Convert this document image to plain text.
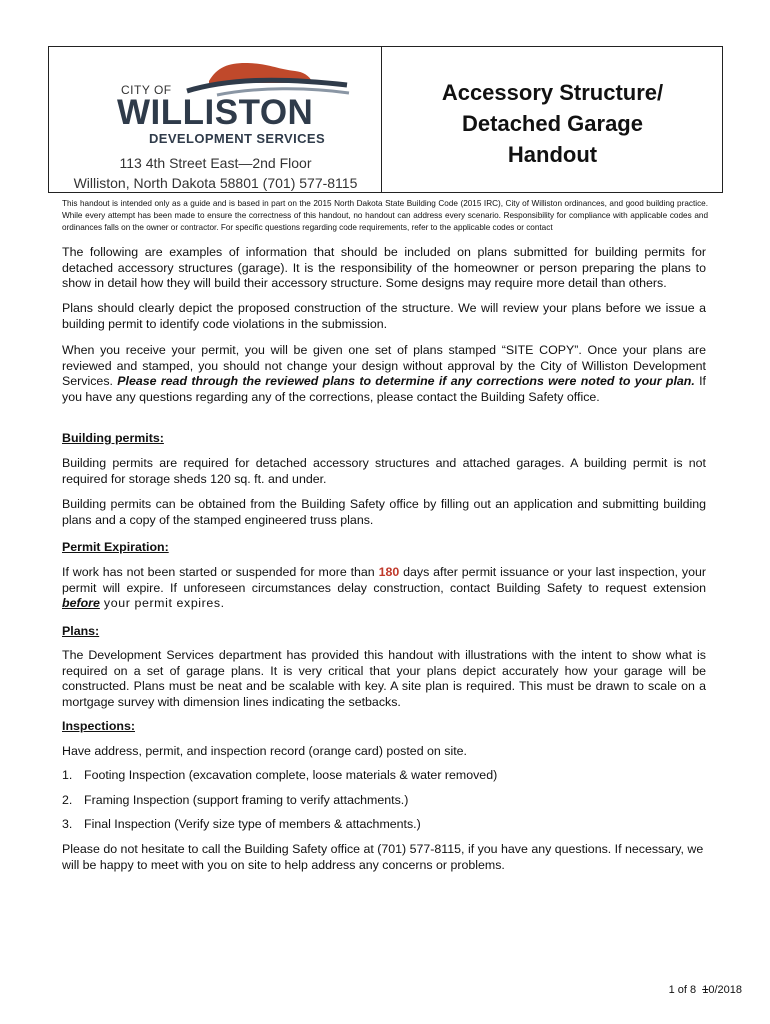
CITY OF
WILLISTON
DEVELOPMENT SERVICES
113 4th Street East—2nd Floor
Williston, North Dakota 58801 (701) 577-8115
Accessory Structure/
Detached Garage
Handout
This handout is intended only as a guide and is based in part on the 2015 North Dakota State Building Code (2015 IRC), City of Williston ordinances, and good building practice. While every attempt has been made to ensure the correctness of this handout, no handout can address every scenario. Responsibility for compliance with applicable codes and ordinances falls on the owner or contractor. For specific questions regarding code requirements, refer to the applicable codes or contact
The following are examples of information that should be included on plans submitted for building permits for detached accessory structures (garage). It is the responsibility of the homeowner or person preparing the plans to show in detail how they will build their accessory structure. Some designs may require more detail than others.
Plans should clearly depict the proposed construction of the structure. We will review your plans before we issue a building permit to identify code violations in the submission.
When you receive your permit, you will be given one set of plans stamped “SITE COPY”. Once your plans are reviewed and stamped, you should not change your design without approval by the City of Williston Development Services. Please read through the reviewed plans to determine if any corrections were noted to your plan. If you have any questions regarding any of the corrections, please contact the Building Safety office.
Building permits:
Building permits are required for detached accessory structures and attached garages. A building permit is not required for storage sheds 120 sq. ft. and under.
Building permits can be obtained from the Building Safety office by filling out an application and submitting building plans and a copy of the stamped engineered truss plans.
Permit Expiration:
If work has not been started or suspended for more than 180 days after permit issuance or your last inspection, your permit will expire. If unforeseen circumstances delay construction, contact Building Safety to request extension before your permit expires.
Plans:
The Development Services department has provided this handout with illustrations with the intent to show what is required on a set of garage plans. It is very critical that your plans depict accurately how your garage will be constructed. Plans must be neat and be scalable with key. A site plan is required. This must be drawn to scale on a mortgage survey with dimension lines indicating the setbacks.
Inspections:
Have address, permit, and inspection record (orange card) posted on site.
1. Footing Inspection (excavation complete, loose materials & water removed)
2. Framing Inspection (support framing to verify attachments.)
3. Final Inspection (Verify size type of members & attachments.)
Please do not hesitate to call the Building Safety office at (701) 577-8115, if you have any questions. If necessary, we will be happy to meet with you on site to help address any concerns or problems.
1 of 8 10/2018
